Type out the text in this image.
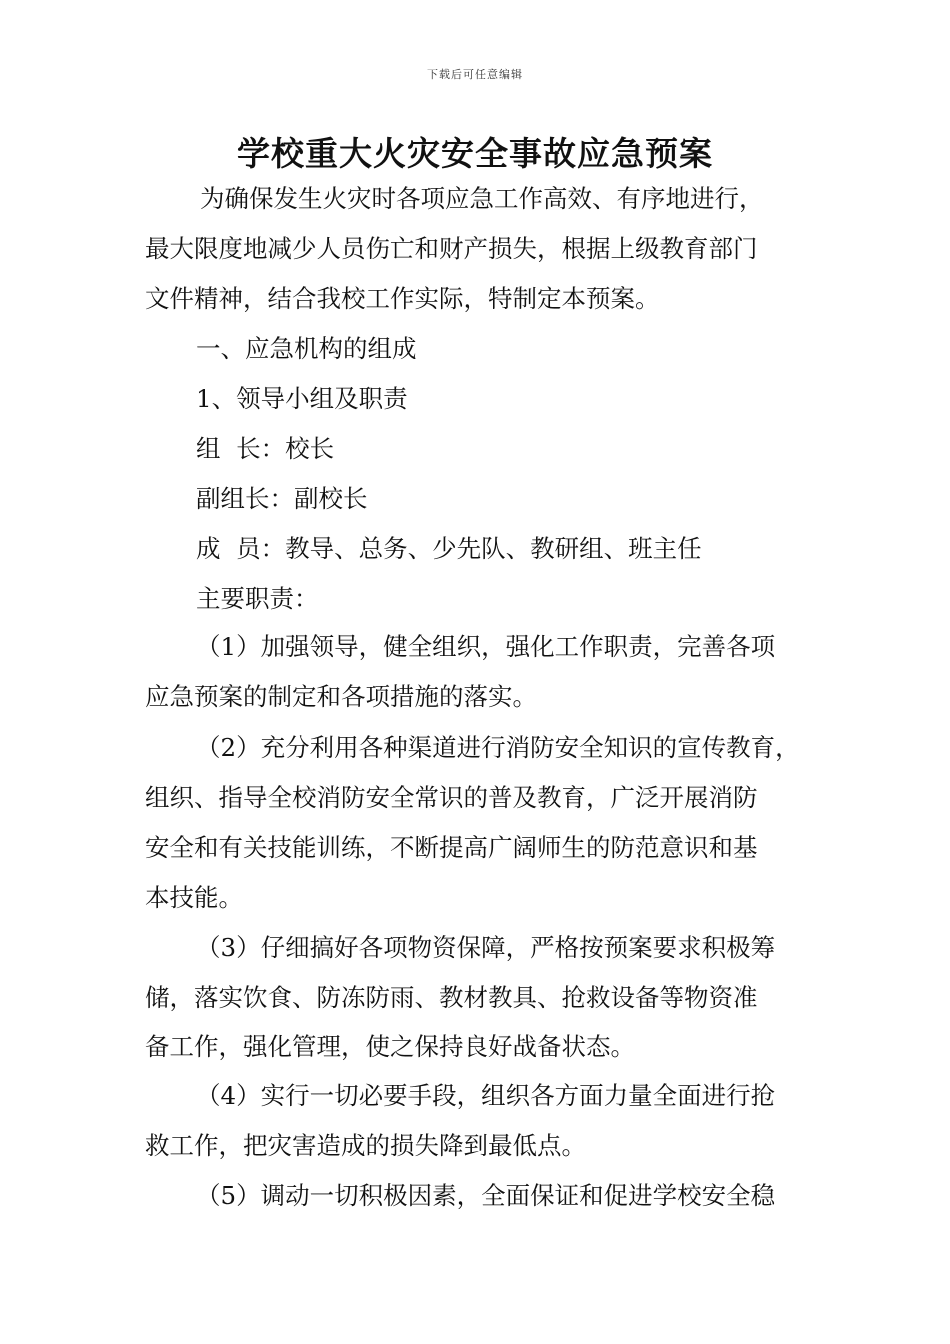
下载后可任意编辑
学校重大火灾安全事故应急预案
为确保发生火灾时各项应急工作高效、有序地进行，
最大限度地减少人员伤亡和财产损失，根据上级教育部门
文件精神，结合我校工作实际，特制定本预案。
一、应急机构的组成
1、领导小组及职责
组  长：校长
副组长：副校长
成  员：教导、总务、少先队、教研组、班主任
主要职责：
（1）加强领导，健全组织，强化工作职责，完善各项
应急预案的制定和各项措施的落实。
（2）充分利用各种渠道进行消防安全知识的宣传教育，
组织、指导全校消防安全常识的普及教育，广泛开展消防
安全和有关技能训练，不断提高广阔师生的防范意识和基
本技能。
（3）仔细搞好各项物资保障，严格按预案要求积极筹
储，落实饮食、防冻防雨、教材教具、抢救设备等物资准
备工作，强化管理，使之保持良好战备状态。
（4）实行一切必要手段，组织各方面力量全面进行抢
救工作，把灾害造成的损失降到最低点。
（5）调动一切积极因素，全面保证和促进学校安全稳
